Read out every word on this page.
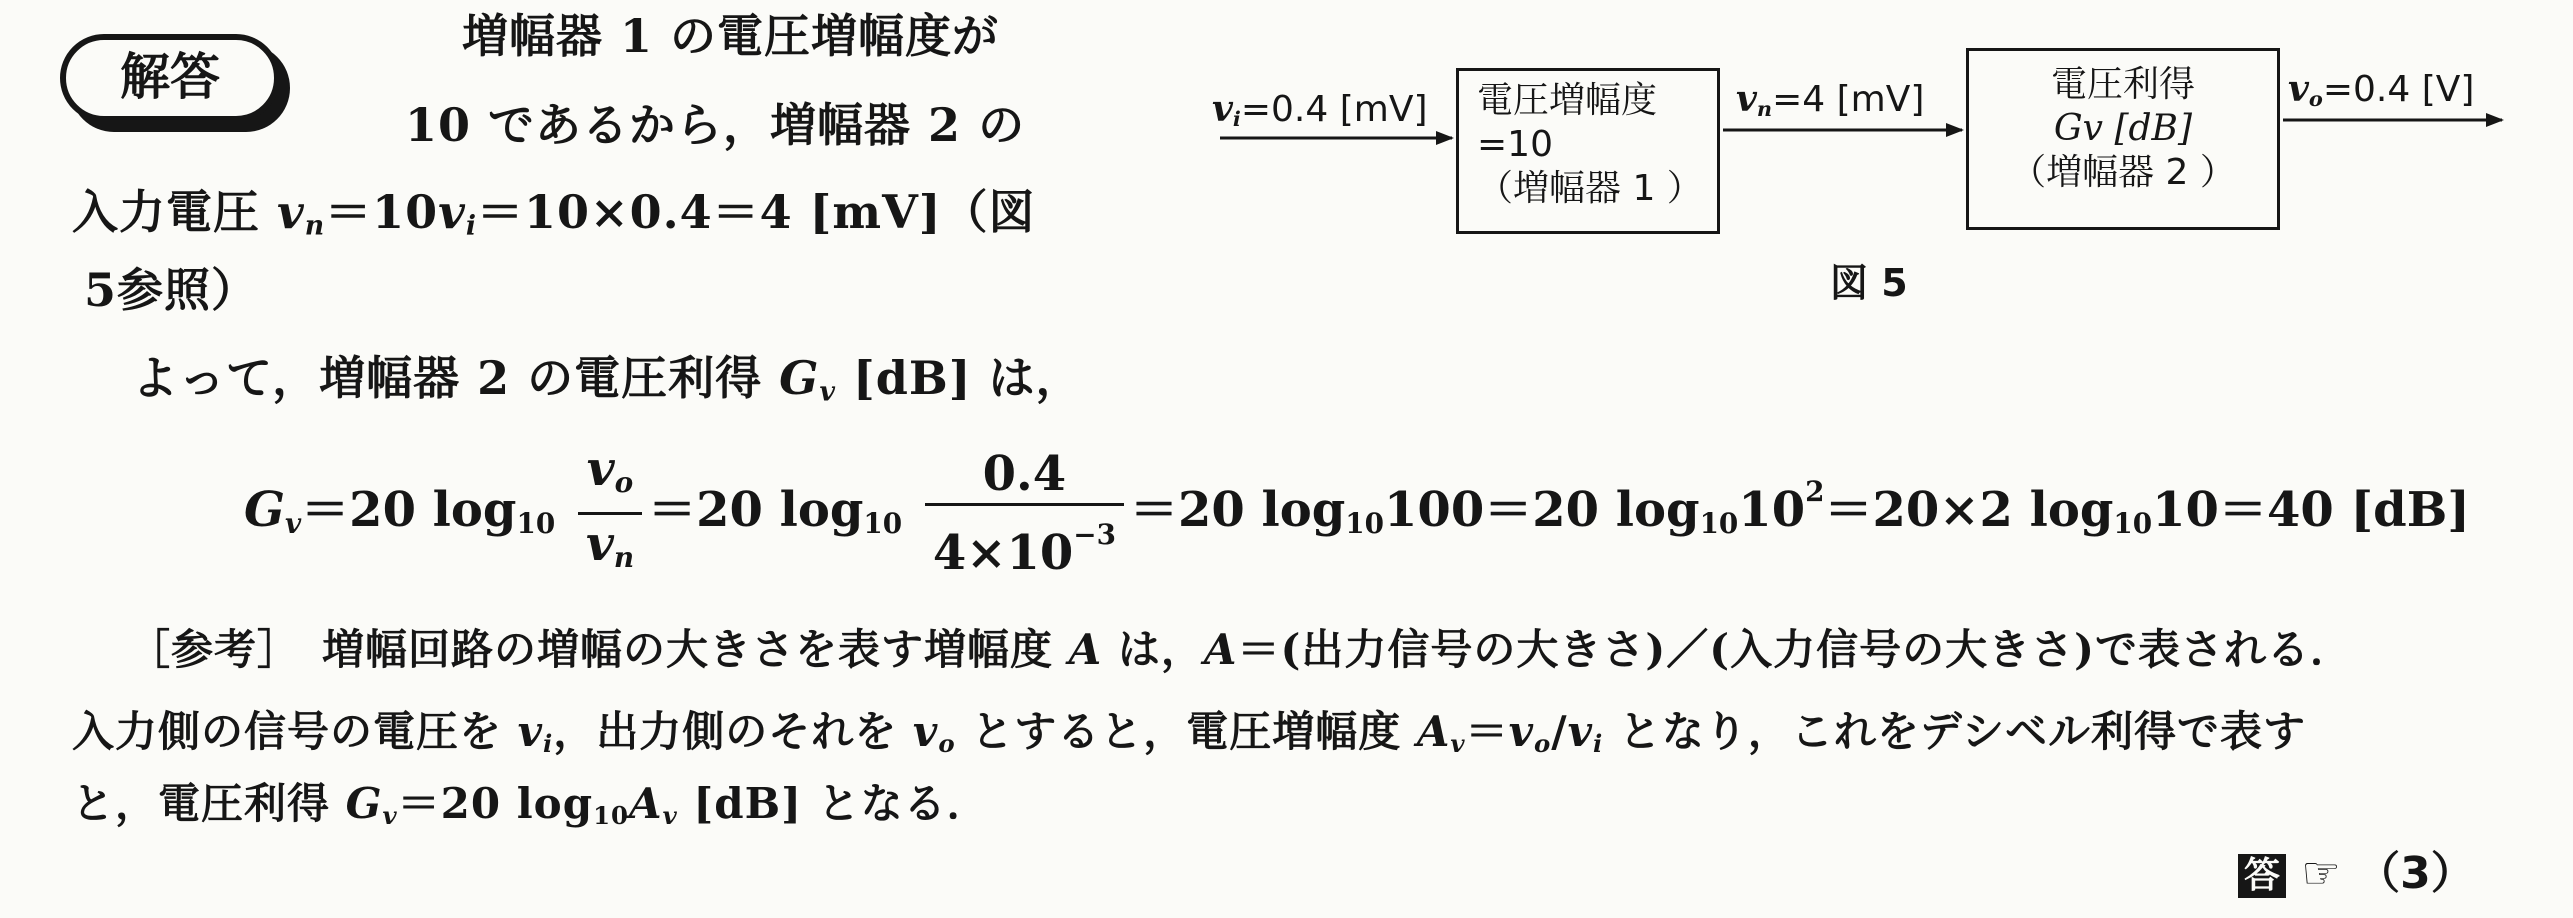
解答
増幅器 1 の電圧増幅度が
10 であるから，増幅器 2 の
入力電圧 $v_n=10v_i=10\times 0.4=4$ [mV]（図
5参照）
よって，増幅器 2 の電圧利得 $G_v$ [dB] は，
$G_v=20$ $\log_{10} \frac{v_o}{v_n} =20$ $\log_{10} \frac{0.4}{4\times 10^{-3}} =20$ $\log_{10}100=20$ $\log_{10}10^2=20\times 2$ $\log_{10}10=40$ [dB]
［参考］　 増幅回路の増幅の大きさを表す増幅度 A は，A＝(出力信号の大きさ)／(入力信号の大きさ)で表される．
入力側の信号の電圧を $v_i$，出力側のそれを $v_o$ とすると，電圧増幅度 $A_v=v_o/v_i$ となり，これをデシベル利得で表す
と，電圧利得 $G_v=20$ $\log_{10}A_v$ [dB] となる．
$v_i=0.4$ [mV] 電圧増幅度
=10
（増幅器 1 ）
$v_n=4$ [mV]	電圧利得
Gv [dB]
（増幅器 2 ）
$v_o=0.4$ [V]
図 5
答 ☞ （3）
